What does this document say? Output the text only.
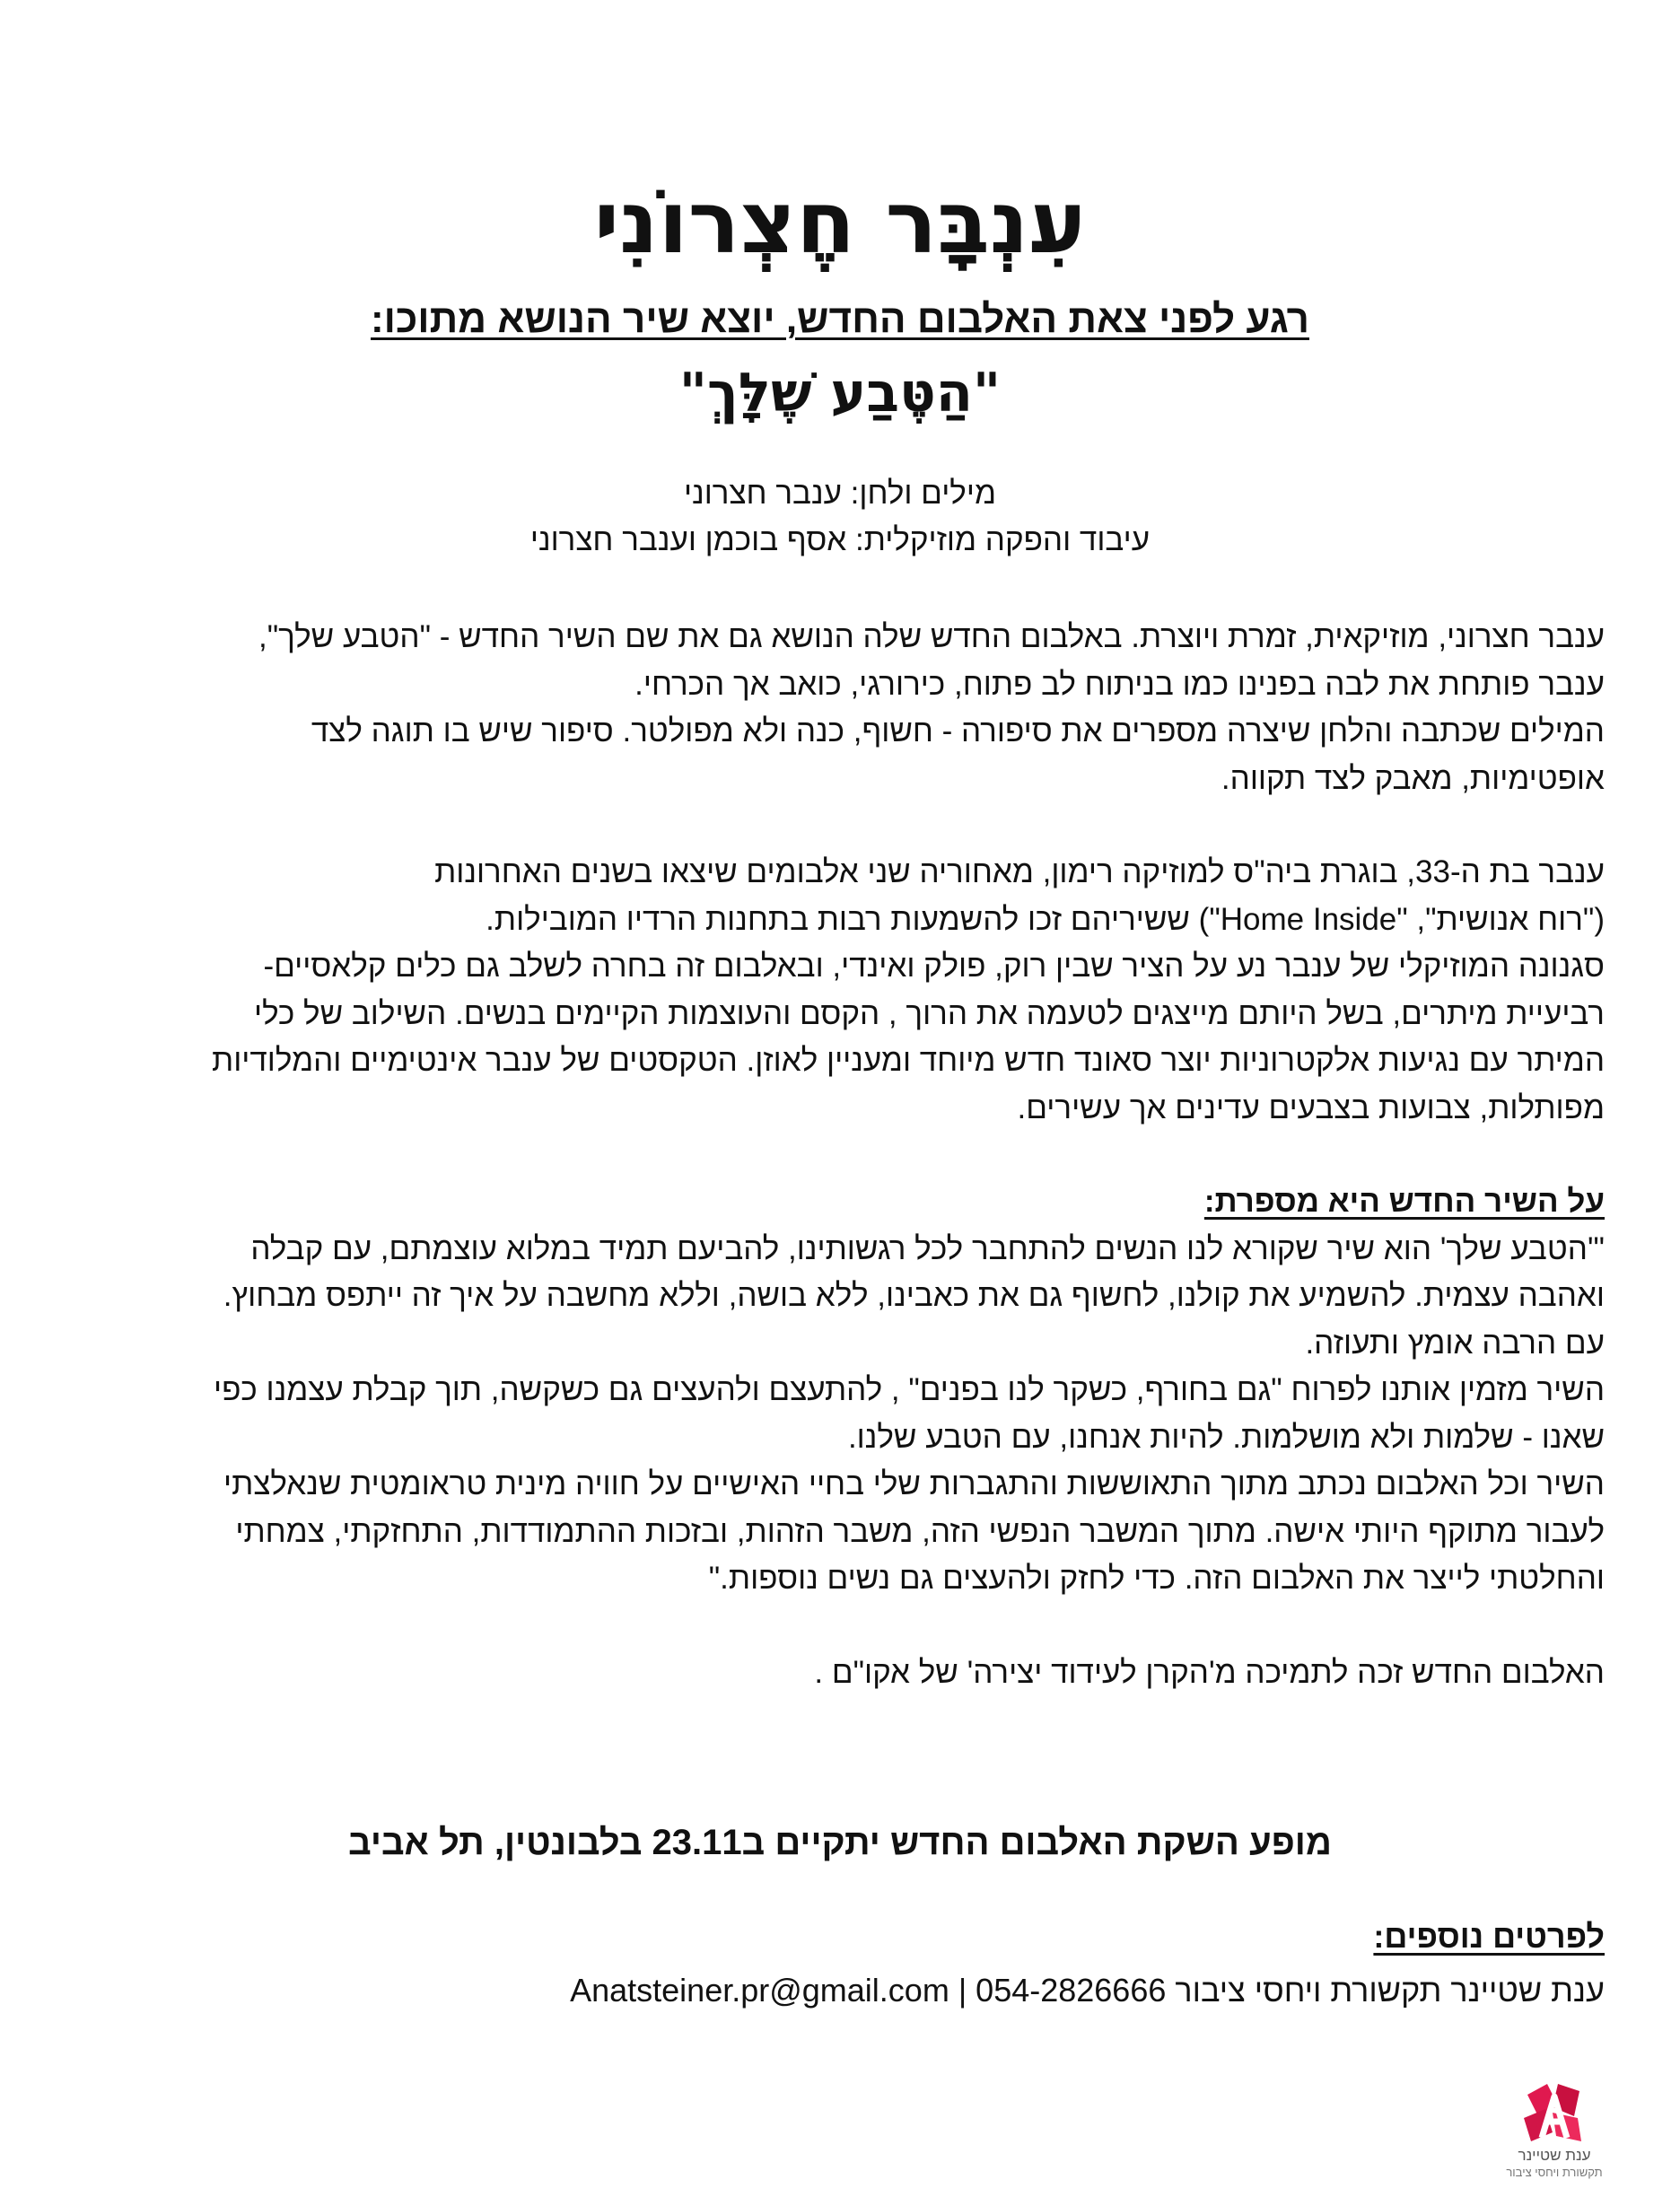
עִנְבָּר חֶצְרוֹנִי
רגע לפני צאת האלבום החדש, יוצא שיר הנושא מתוכו:
"הַטֶּבַע שֶׁלָּךְ"
מילים ולחן: ענבר חצרוני
עיבוד והפקה מוזיקלית: אסף בוכמן וענבר חצרוני

ענבר חצרוני, מוזיקאית, זמרת ויוצרת. באלבום החדש שלה הנושא גם את שם השיר החדש - "הטבע שלך",

ענבר פותחת את לבה בפנינו כמו בניתוח לב פתוח, כירורגי, כואב אך הכרחי.

המילים שכתבה והלחן שיצרה מספרים את סיפורה - חשוף, כנה ולא מפולטר. סיפור שיש בו תוגה לצד

אופטימיות, מאבק לצד תקווה.

ענבר בת ה-33, בוגרת ביה"ס למוזיקה רימון, מאחוריה שני אלבומים שיצאו בשנים האחרונות

("רוח אנושית", "Home Inside") ששיריהם זכו להשמעות רבות בתחנות הרדיו המובילות.

סגנונה המוזיקלי של ענבר נע על הציר שבין רוק, פולק ואינדי, ובאלבום זה בחרה לשלב גם כלים קלאסיים-

רביעיית מיתרים, בשל היותם מייצגים לטעמה את הרוך , הקסם והעוצמות הקיימים בנשים. השילוב של כלי

המיתר עם נגיעות אלקטרוניות יוצר סאונד חדש מיוחד ומעניין לאוזן. הטקסטים של ענבר אינטימיים והמלודיות

מפותלות, צבועות בצבעים עדינים אך עשירים.

על השיר החדש היא מספרת:

"'הטבע שלך' הוא שיר שקורא לנו הנשים להתחבר לכל רגשותינו, להביעם תמיד במלוא עוצמתם, עם קבלה

ואהבה עצמית. להשמיע את קולנו, לחשוף גם את כאבינו, ללא בושה, וללא מחשבה על איך זה ייתפס מבחוץ.

עם הרבה אומץ ותעוזה.

השיר מזמין אותנו לפרוח "גם בחורף, כשקר לנו בפנים" , להתעצם ולהעצים גם כשקשה, תוך קבלת עצמנו כפי

שאנו - שלמות ולא מושלמות. להיות אנחנו, עם הטבע שלנו.

השיר וכל האלבום נכתב מתוך התאוששות והתגברות שלי בחיי האישיים על חוויה מינית טראומטית שנאלצתי

לעבור מתוקף היותי אישה. מתוך המשבר הנפשי הזה, משבר הזהות, ובזכות ההתמודדות, התחזקתי, צמחתי

והחלטתי לייצר את האלבום הזה. כדי לחזק ולהעצים גם נשים נוספות."

האלבום החדש זכה לתמיכה מ'הקרן לעידוד יצירה' של אקו"ם .

מופע השקת האלבום החדש יתקיים ב23.11 בלבונטין, תל אביב
לפרטים נוספים:
ענת שטיינר תקשורת ויחסי ציבור 054-2826666 | Anatsteiner.pr@gmail.com
ענת שטיינר
תקשורת ויחסי ציבור
